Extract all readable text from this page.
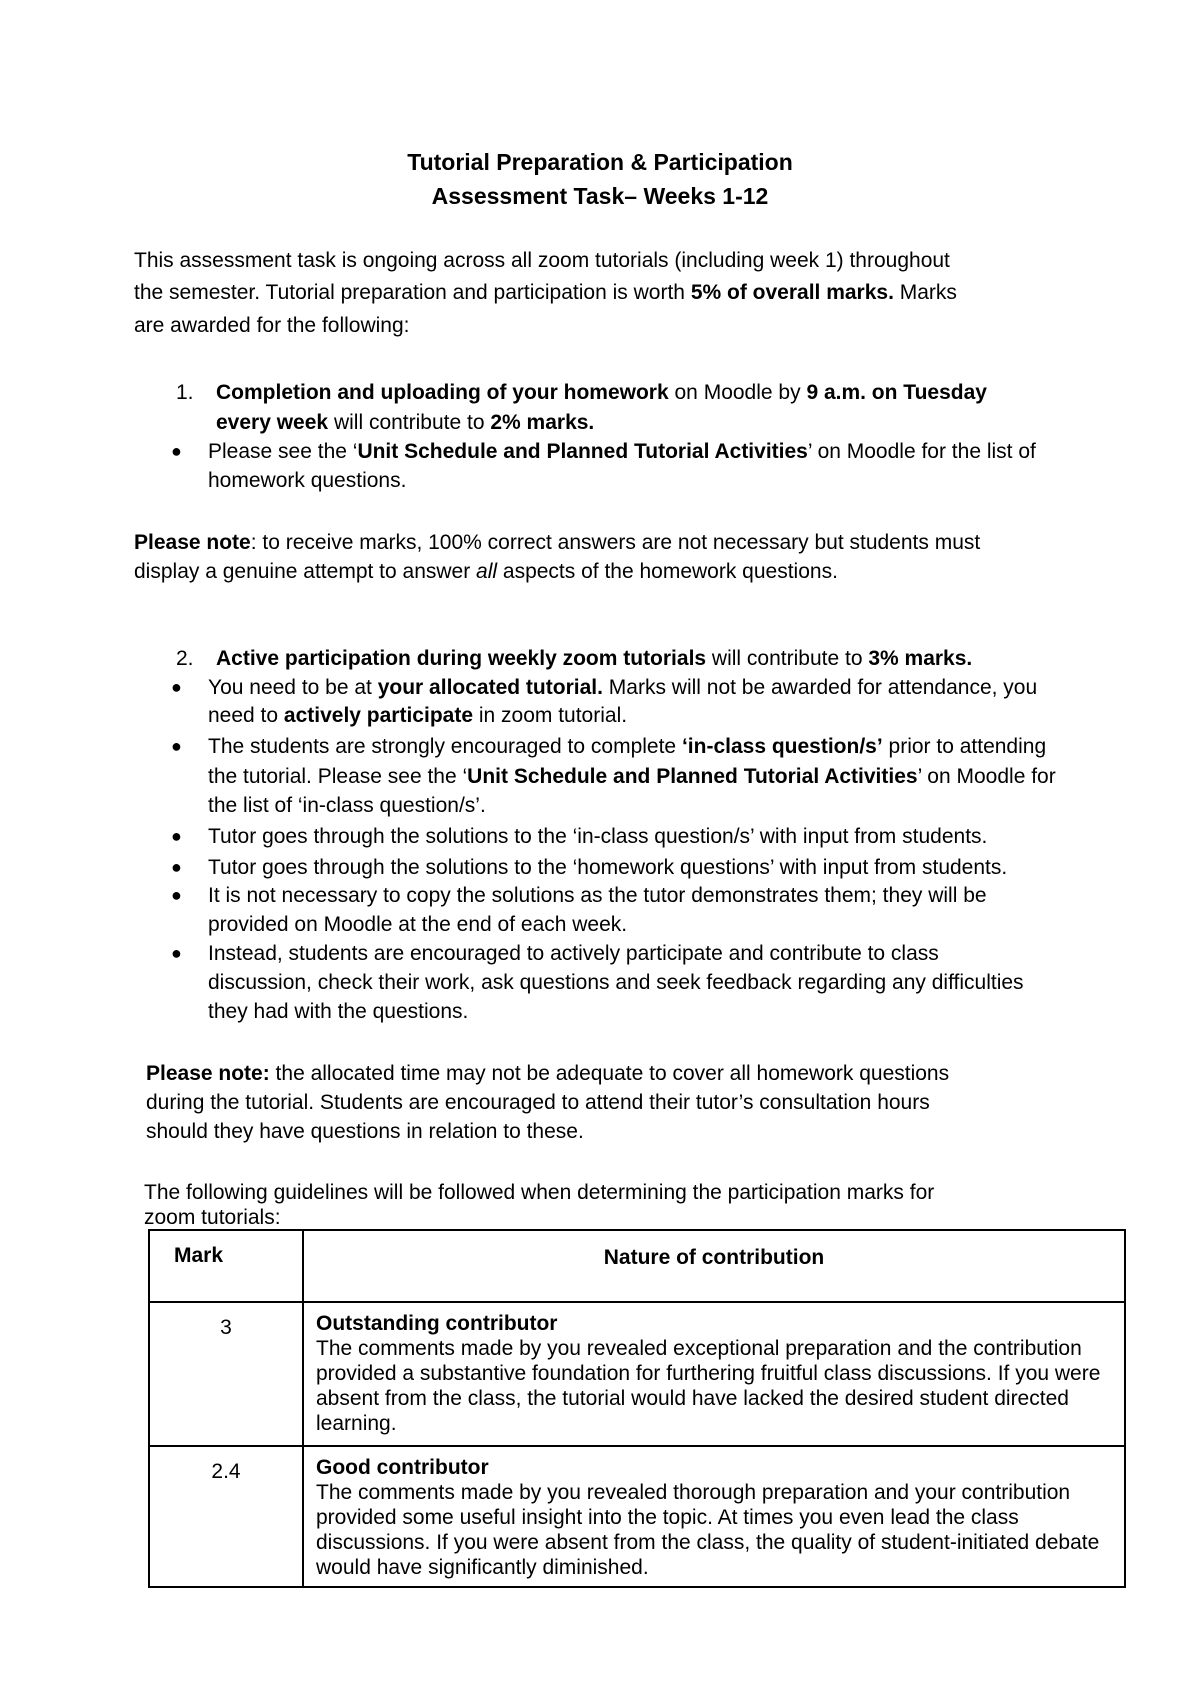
Tutorial Preparation & Participation
Assessment Task– Weeks 1-12
This assessment task is ongoing across all zoom tutorials (including week 1) throughout
the semester. Tutorial preparation and participation is worth 5% of overall marks. Marks
are awarded for the following:
1. Completion and uploading of your homework on Moodle by 9 a.m. on Tuesday
every week will contribute to 2% marks.
● Please see the ‘Unit Schedule and Planned Tutorial Activities’ on Moodle for the list of
homework questions.
Please note: to receive marks, 100% correct answers are not necessary but students must
display a genuine attempt to answer all aspects of the homework questions.
2. Active participation during weekly zoom tutorials will contribute to 3% marks.
● You need to be at your allocated tutorial. Marks will not be awarded for attendance, you
need to actively participate in zoom tutorial.
● The students are strongly encouraged to complete ‘in-class question/s’ prior to attending
the tutorial. Please see the ‘Unit Schedule and Planned Tutorial Activities’ on Moodle for
the list of ‘in-class question/s’.
● Tutor goes through the solutions to the ‘in-class question/s’ with input from students.
● Tutor goes through the solutions to the ‘homework questions’ with input from students.
● It is not necessary to copy the solutions as the tutor demonstrates them; they will be
provided on Moodle at the end of each week.
● Instead, students are encouraged to actively participate and contribute to class
discussion, check their work, ask questions and seek feedback regarding any difficulties
they had with the questions.
Please note: the allocated time may not be adequate to cover all homework questions
during the tutorial. Students are encouraged to attend their tutor’s consultation hours
should they have questions in relation to these.
The following guidelines will be followed when determining the participation marks for
zoom tutorials:
Mark	Nature of contribution
3	Outstanding contributor
The comments made by you revealed exceptional preparation and the contribution provided a substantive foundation for furthering fruitful class discussions. If you were absent from the class, the tutorial would have lacked the desired student directed learning.
2.4	Good contributor
The comments made by you revealed thorough preparation and your contribution provided some useful insight into the topic. At times you even lead the class discussions. If you were absent from the class, the quality of student-initiated debate would have significantly diminished.
